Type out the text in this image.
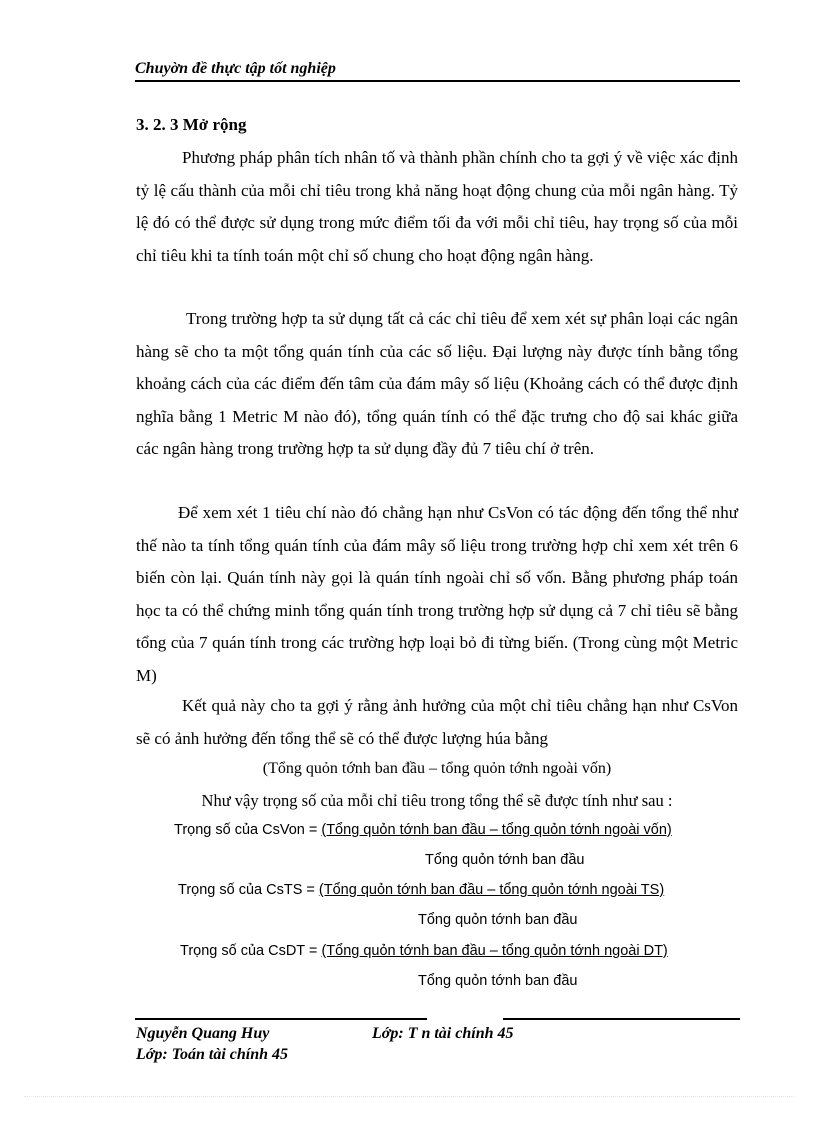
Chuyờn đề thực tập tốt nghiệp
3. 2. 3 Mở rộng

Phương pháp phân tích nhân tố và thành phần chính cho ta gợi ý về việc xác định tỷ lệ cấu thành của mỗi chỉ tiêu trong khả năng hoạt động chung của mỗi ngân hàng. Tỷ lệ đó có thể được sử dụng trong mức điểm tối đa với mỗi chỉ tiêu, hay trọng số của mỗi chỉ tiêu khi ta tính toán một chỉ số chung cho hoạt động ngân hàng.

Trong trường hợp ta sử dụng tất cả các chỉ tiêu để xem xét sự phân loại các ngân hàng sẽ cho ta một tổng quán tính của các số liệu. Đại lượng này được tính bằng tổng khoảng cách của các điểm đến tâm của đám mây số liệu (Khoảng cách có thể được định nghĩa bằng 1 Metric M nào đó), tổng quán tính có thể đặc trưng cho độ sai khác giữa các ngân hàng trong trường hợp ta sử dụng đầy đủ 7 tiêu chí ở trên.

Để xem xét 1 tiêu chí nào đó chẳng hạn như CsVon có tác động đến tổng thể như thế nào ta tính tổng quán tính của đám mây số liệu trong trường hợp chỉ xem xét trên 6 biến còn lại. Quán tính này gọi là quán tính ngoài chỉ số vốn. Bằng phương pháp toán học ta có thể chứng minh tổng quán tính trong trường hợp sử dụng cả 7 chỉ tiêu sẽ bằng tổng của 7 quán tính trong các trường hợp loại bỏ đi từng biến. (Trong cùng một Metric M)

Kết quả này cho ta gợi ý rằng ảnh hưởng của một chỉ tiêu chẳng hạn như CsVon sẽ có ảnh hưởng đến tổng thể sẽ có thể được lượng húa bằng

(Tổng quỏn tớnh ban đầu – tổng quỏn tớnh ngoài vốn)
Như vậy trọng số của mỗi chỉ tiêu trong tổng thể sẽ được tính như sau :
Trọng số của CsVon = (Tổng quỏn tớnh ban đầu – tổng quỏn tớnh ngoài vốn)
Tổng quỏn tớnh ban đầu
Trọng số của CsTS = (Tổng quỏn tớnh ban đầu – tổng quỏn tớnh ngoài TS)
Tổng quỏn tớnh ban đầu
Trọng số của CsDT = (Tổng quỏn tớnh ban đầu – tổng quỏn tớnh ngoài DT)
Tổng quỏn tớnh ban đầu
Nguyễn Quang Huy	Lớp: T n tài chính 45
Lớp: Toán tài chính 45
